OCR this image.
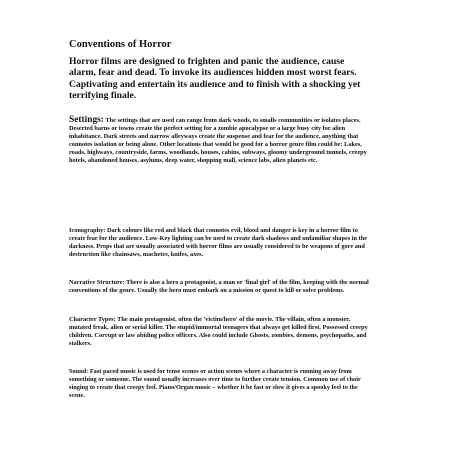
Conventions of Horror

Horror films are designed to frighten and panic the audience, cause alarm, fear and dead. To invoke its audiences hidden most worst fears. Captivating and entertain its audience and to finish with a shocking yet terrifying finale.

Settings: The settings that are used can range from dark woods, to smalls communities or isolates places. Deserted barns or towns create the perfect setting for a zombie apocalypse or a large busy city for alien inhabitance. Dark streets and narrow alleyways create the suspense and fear for the audience, anything that connotes isolation or being alone. Other locations that would be good for a horror genre film could be: Lakes, roads, highways, countryside, farms, woodlands, houses, cabins, subways, gloomy underground tunnels, creepy hotels, abandoned houses, asylums, deep water, shopping mall, science labs, alien planets etc.

Iconography: Dark colours like red and black that connotes evil, blood and danger is key in a horror film to create fear for the audience. Low-Key lighting can be used to create dark shadows and unfamiliar shapes in the darkness. Props that are usually associated with horror films are usually considered to be weapons of gore and destruction like chainsaws, machetes, knifes, axes.

Narrative Structure: There is also a hero a protagonist, a man or 'final girl' of the film, keeping with the normal conventions of the genre. Usually the hero must embark on a mission or quest to kill or solve problems.

Character Types: The main protagonist, often the 'victim/hero' of the movie. The villain, often a monster, mutated freak, alien or serial killer. The stupid/immortal teenagers that always get killed first. Possessed creepy children. Corrupt or law abiding police officers. Also could include Ghosts, zombies, demons, psychopaths, and stalkers.

Sound: Fast paced music is used for tense scenes or action scenes where a character is running away from something or someone. The sound usually increases over time to further create tension. Common use of choir singing to create that creepy feel. Piano/Organ music – whether it be fast or slow it gives a spooky feel to the scene.
